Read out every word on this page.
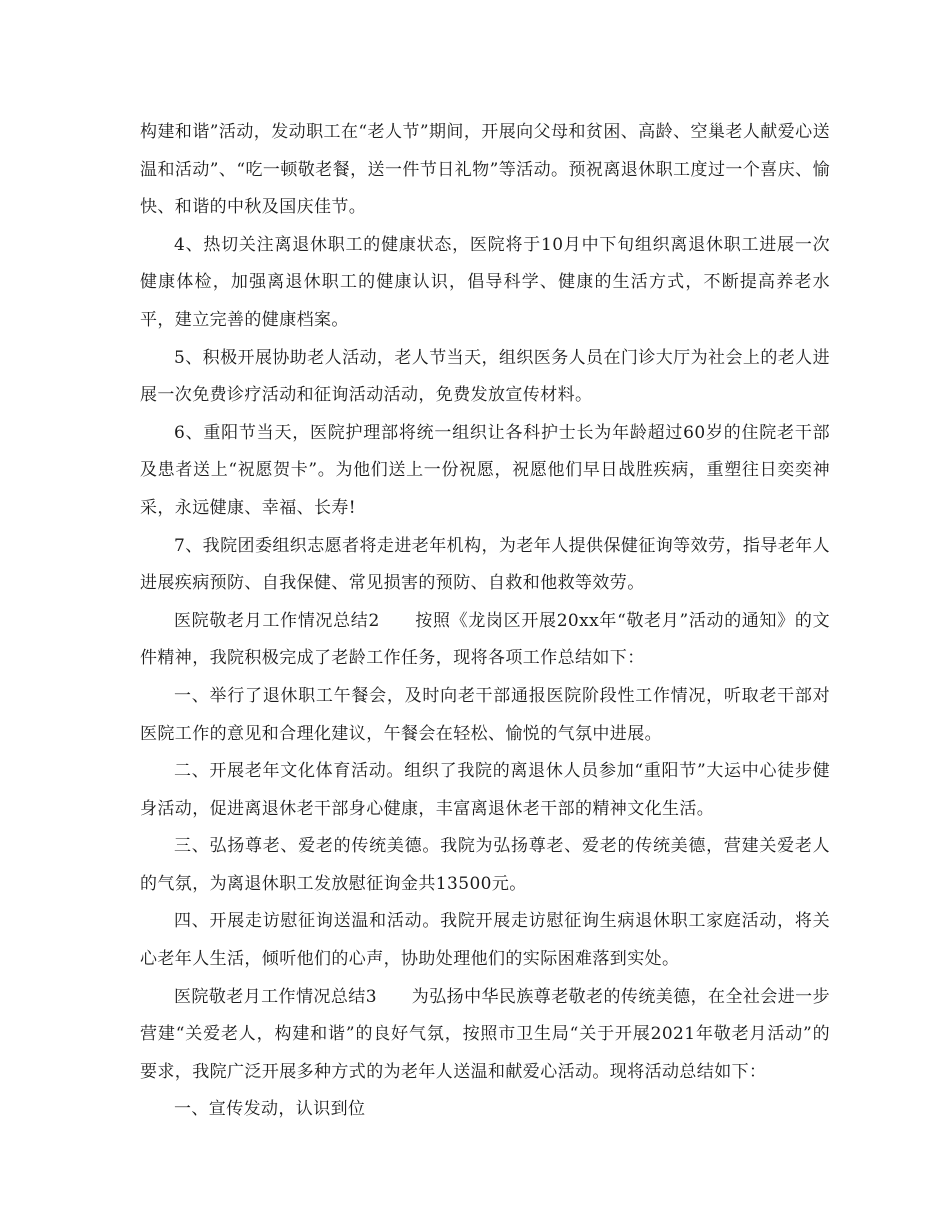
构建和谐”活动，发动职工在“老人节”期间，开展向父母和贫困、高龄、空巢老人献爱心送温和活动”、“吃一顿敬老餐，送一件节日礼物”等活动。预祝离退休职工度过一个喜庆、愉快、和谐的中秋及国庆佳节。

4、热切关注离退休职工的健康状态，医院将于10月中下旬组织离退休职工进展一次健康体检，加强离退休职工的健康认识，倡导科学、健康的生活方式，不断提高养老水平，建立完善的健康档案。

5、积极开展协助老人活动，老人节当天，组织医务人员在门诊大厅为社会上的老人进展一次免费诊疗活动和征询活动活动，免费发放宣传材料。

6、重阳节当天，医院护理部将统一组织让各科护士长为年龄超过60岁的住院老干部及患者送上“祝愿贺卡”。为他们送上一份祝愿，祝愿他们早日战胜疾病，重塑往日奕奕神采，永远健康、幸福、长寿!

7、我院团委组织志愿者将走进老年机构，为老年人提供保健征询等效劳，指导老年人进展疾病预防、自我保健、常见损害的预防、自救和他救等效劳。

医院敬老月工作情况总结2　　按照《龙岗区开展20xx年“敬老月”活动的通知》的文件精神，我院积极完成了老龄工作任务，现将各项工作总结如下：

一、举行了退休职工午餐会，及时向老干部通报医院阶段性工作情况，听取老干部对医院工作的意见和合理化建议，午餐会在轻松、愉悦的气氛中进展。

二、开展老年文化体育活动。组织了我院的离退休人员参加“重阳节”大运中心徒步健身活动，促进离退休老干部身心健康，丰富离退休老干部的精神文化生活。

三、弘扬尊老、爱老的传统美德。我院为弘扬尊老、爱老的传统美德，营建关爱老人的气氛，为离退休职工发放慰征询金共13500元。

四、开展走访慰征询送温和活动。我院开展走访慰征询生病退休职工家庭活动，将关心老年人生活，倾听他们的心声，协助处理他们的实际困难落到实处。

医院敬老月工作情况总结3　　为弘扬中华民族尊老敬老的传统美德，在全社会进一步营建“关爱老人，构建和谐”的良好气氛，按照市卫生局“关于开展2021年敬老月活动”的要求，我院广泛开展多种方式的为老年人送温和献爱心活动。现将活动总结如下：

一、宣传发动，认识到位
